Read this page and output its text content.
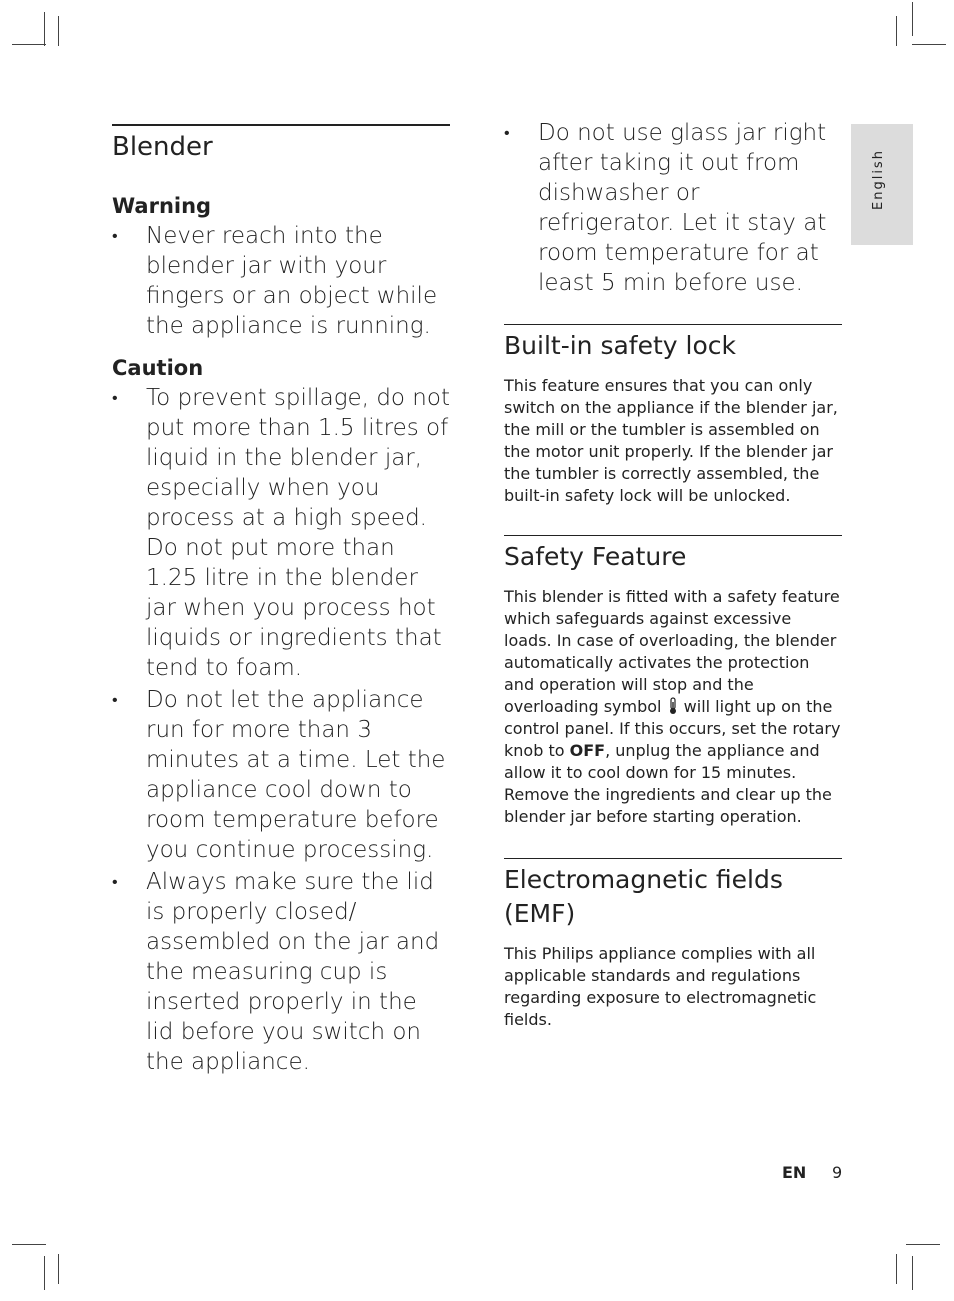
English
Blender
Warning
•	Never reach into the blender jar with your fingers or an object while the appliance is running.
Caution
•	To prevent spillage, do not put more than 1.5 litres of liquid in the blender jar, especially when you process at a high speed. Do not put more than 1.25 litre in the blender jar when you process hot liquids or ingredients that tend to foam.
•	Do not let the appliance run for more than 3 minutes at a time. Let the appliance cool down to room temperature before you continue processing.
•	Always make sure the lid is properly closed/ assembled on the jar and the measuring cup is inserted properly in the lid before you switch on the appliance.
•	Do not use glass jar right after taking it out from dishwasher or refrigerator. Let it stay at room temperature for at least 5 min before use.
Built-in safety lock

This feature ensures that you can only switch on the appliance if the blender jar, the mill or the tumbler is assembled on the motor unit properly. If the blender jar the tumbler is correctly assembled, the built-in safety lock will be unlocked.

Safety Feature

This blender is fitted with a safety feature which safeguards against excessive loads. In case of overloading, the blender automatically activates the protection and operation will stop and the overloading symbol will light up on the control panel. If this occurs, set the rotary knob to OFF, unplug the appliance and allow it to cool down for 15 minutes. Remove the ingredients and clear up the blender jar before starting operation.

Electromagnetic fields
(EMF)

This Philips appliance complies with all applicable standards and regulations regarding exposure to electromagnetic fields.

EN 9
